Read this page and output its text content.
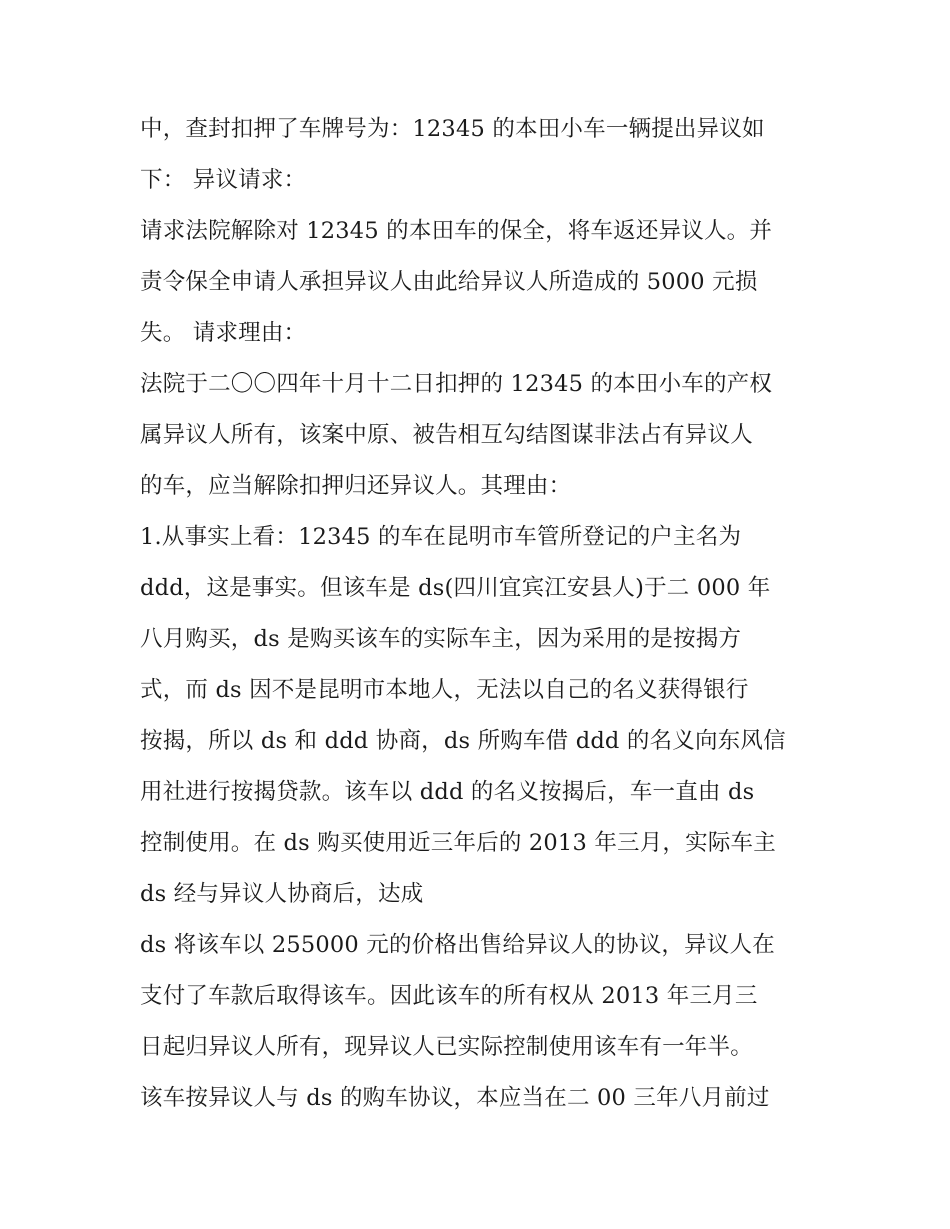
中，查封扣押了车牌号为：12345 的本田小车一辆提出异议如
下： 异议请求：
请求法院解除对 12345 的本田车的保全，将车返还异议人。并
责令保全申请人承担异议人由此给异议人所造成的 5000 元损
失。 请求理由：
法院于二〇〇四年十月十二日扣押的 12345 的本田小车的产权
属异议人所有，该案中原、被告相互勾结图谋非法占有异议人
的车，应当解除扣押归还异议人。其理由：
1.从事实上看：12345 的车在昆明市车管所登记的户主名为
ddd，这是事实。但该车是 ds(四川宜宾江安县人)于二 000 年
八月购买，ds 是购买该车的实际车主，因为采用的是按揭方
式，而 ds 因不是昆明市本地人，无法以自己的名义获得银行
按揭，所以 ds 和 ddd 协商，ds 所购车借 ddd 的名义向东风信
用社进行按揭贷款。该车以 ddd 的名义按揭后，车一直由 ds
控制使用。在 ds 购买使用近三年后的 2013 年三月，实际车主
ds 经与异议人协商后，达成
ds 将该车以 255000 元的价格出售给异议人的协议，异议人在
支付了车款后取得该车。因此该车的所有权从 2013 年三月三
日起归异议人所有，现异议人已实际控制使用该车有一年半。
该车按异议人与 ds 的购车协议，本应当在二 00 三年八月前过
